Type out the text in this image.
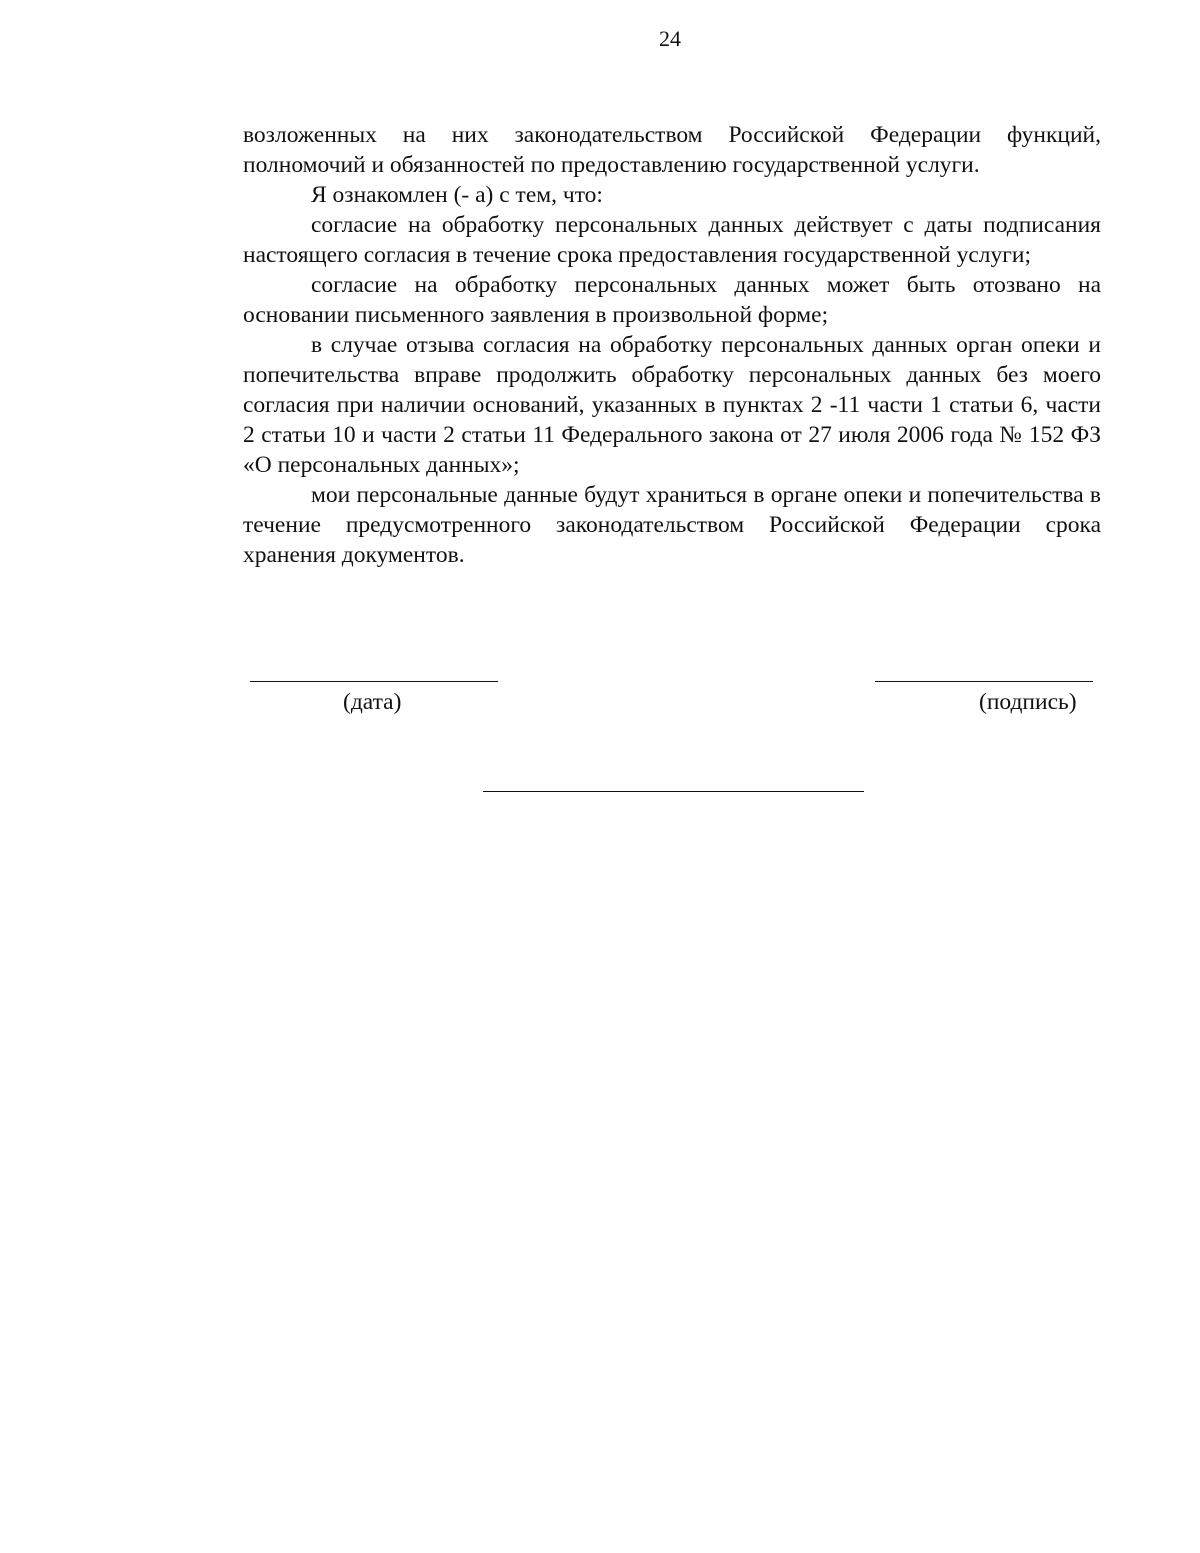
24

возложенных на них законодательством Российской Федерации функций, полномочий и обязанностей по предоставлению государственной услуги.

Я ознакомлен (- а) с тем, что:

согласие на обработку персональных данных действует с даты подписания настоящего согласия в течение срока предоставления государственной услуги;

согласие на обработку персональных данных может быть отозвано на основании письменного заявления в произвольной форме;

в случае отзыва согласия на обработку персональных данных орган опеки и попечительства вправе продолжить обработку персональных данных без моего согласия при наличии оснований, указанных в пунктах 2 -11 части 1 статьи 6, части 2 статьи 10 и части 2 статьи 11 Федерального закона от 27 июля 2006 года № 152 ФЗ «О персональных данных»;

мои персональные данные будут храниться в органе опеки и попечительства в течение предусмотренного законодательством Российской Федерации срока хранения документов.

(дата)	(подпись)
